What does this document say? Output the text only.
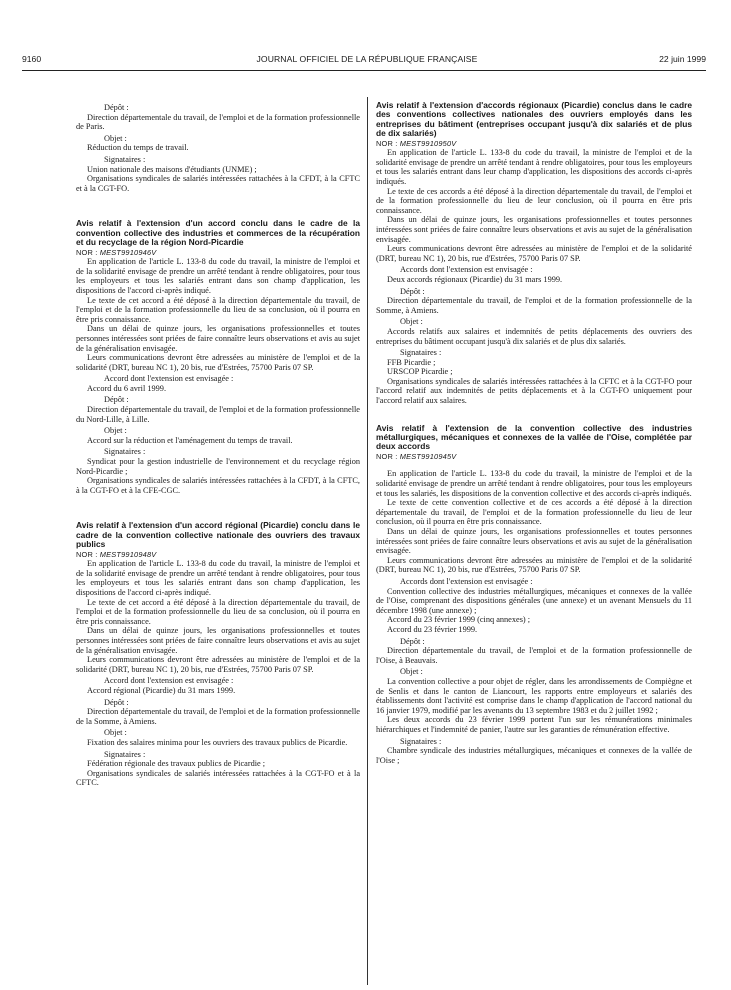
9160	JOURNAL OFFICIEL DE LA RÉPUBLIQUE FRANÇAISE	22 juin 1999

Dépôt :

Direction départementale du travail, de l'emploi et de la formation professionnelle de Paris.

Objet :

Réduction du temps de travail.

Signataires :

Union nationale des maisons d'étudiants (UNME) ;

Organisations syndicales de salariés intéressées rattachées à la CFDT, à la CFTC et à la CGT-FO.

Avis relatif à l'extension d'un accord conclu dans le cadre de la convention collective des industries et commerces de la récupération et du recyclage de la région Nord-Picardie

NOR : MEST9910946V

En application de l'article L. 133-8 du code du travail, la ministre de l'emploi et de la solidarité envisage de prendre un arrêté tendant à rendre obligatoires, pour tous les employeurs et tous les salariés entrant dans son champ d'application, les dispositions de l'accord ci-après indiqué.

Le texte de cet accord a été déposé à la direction départementale du travail, de l'emploi et de la formation professionnelle du lieu de sa conclusion, où il pourra en être pris connaissance.

Dans un délai de quinze jours, les organisations professionnelles et toutes personnes intéressées sont priées de faire connaître leurs observations et avis au sujet de la généralisation envisagée.

Leurs communications devront être adressées au ministère de l'emploi et de la solidarité (DRT, bureau NC 1), 20 bis, rue d'Estrées, 75700 Paris 07 SP.

Accord dont l'extension est envisagée :

Accord du 6 avril 1999.

Dépôt :

Direction départementale du travail, de l'emploi et de la formation professionnelle du Nord-Lille, à Lille.

Objet :

Accord sur la réduction et l'aménagement du temps de travail.

Signataires :

Syndicat pour la gestion industrielle de l'environnement et du recyclage région Nord-Picardie ;

Organisations syndicales de salariés intéressées rattachées à la CFDT, à la CFTC, à la CGT-FO et à la CFE-CGC.

Avis relatif à l'extension d'un accord régional (Picardie) conclu dans le cadre de la convention collective nationale des ouvriers des travaux publics

NOR : MEST9910948V

En application de l'article L. 133-8 du code du travail, la ministre de l'emploi et de la solidarité envisage de prendre un arrêté tendant à rendre obligatoires, pour tous les employeurs et tous les salariés entrant dans son champ d'application, les dispositions de l'accord ci-après indiqué.

Le texte de cet accord a été déposé à la direction départementale du travail, de l'emploi et de la formation professionnelle du lieu de sa conclusion, où il pourra en être pris connaissance.

Dans un délai de quinze jours, les organisations professionnelles et toutes personnes intéressées sont priées de faire connaître leurs observations et avis au sujet de la généralisation envisagée.

Leurs communications devront être adressées au ministère de l'emploi et de la solidarité (DRT, bureau NC 1), 20 bis, rue d'Estrées, 75700 Paris 07 SP.

Accord dont l'extension est envisagée :

Accord régional (Picardie) du 31 mars 1999.

Dépôt :

Direction départementale du travail, de l'emploi et de la formation professionnelle de la Somme, à Amiens.

Objet :

Fixation des salaires minima pour les ouvriers des travaux publics de Picardie.

Signataires :

Fédération régionale des travaux publics de Picardie ;

Organisations syndicales de salariés intéressées rattachées à la CGT-FO et à la CFTC.

Avis relatif à l'extension d'accords régionaux (Picardie) conclus dans le cadre des conventions collectives nationales des ouvriers employés dans les entreprises du bâtiment (entreprises occupant jusqu'à dix salariés et de plus de dix salariés)

NOR : MEST9910950V

En application de l'article L. 133-8 du code du travail, la ministre de l'emploi et de la solidarité envisage de prendre un arrêté tendant à rendre obligatoires, pour tous les employeurs et tous les salariés entrant dans leur champ d'application, les dispositions des accords ci-après indiqués.

Le texte de ces accords a été déposé à la direction départementale du travail, de l'emploi et de la formation professionnelle du lieu de leur conclusion, où il pourra en être pris connaissance.

Dans un délai de quinze jours, les organisations professionnelles et toutes personnes intéressées sont priées de faire connaître leurs observations et avis au sujet de la généralisation envisagée.

Leurs communications devront être adressées au ministère de l'emploi et de la solidarité (DRT, bureau NC 1), 20 bis, rue d'Estrées, 75700 Paris 07 SP.

Accords dont l'extension est envisagée :

Deux accords régionaux (Picardie) du 31 mars 1999.

Dépôt :

Direction départementale du travail, de l'emploi et de la formation professionnelle de la Somme, à Amiens.

Objet :

Accords relatifs aux salaires et indemnités de petits déplacements des ouvriers des entreprises du bâtiment occupant jusqu'à dix salariés et de plus dix salariés.

Signataires :

FFB Picardie ;

URSCOP Picardie ;

Organisations syndicales de salariés intéressées rattachées à la CFTC et à la CGT-FO pour l'accord relatif aux indemnités de petits déplacements et à la CGT-FO uniquement pour l'accord relatif aux salaires.

Avis relatif à l'extension de la convention collective des industries métallurgiques, mécaniques et connexes de la vallée de l'Oise, complétée par deux accords

NOR : MEST9910945V

En application de l'article L. 133-8 du code du travail, la ministre de l'emploi et de la solidarité envisage de prendre un arrêté tendant à rendre obligatoires, pour tous les employeurs et tous les salariés, les dispositions de la convention collective et des accords ci-après indiqués.

Le texte de cette convention collective et de ces accords a été déposé à la direction départementale du travail, de l'emploi et de la formation professionnelle du lieu de leur conclusion, où il pourra en être pris connaissance.

Dans un délai de quinze jours, les organisations professionnelles et toutes personnes intéressées sont priées de faire connaître leurs observations et avis au sujet de la généralisation envisagée.

Leurs communications devront être adressées au ministère de l'emploi et de la solidarité (DRT, bureau NC 1), 20 bis, rue d'Estrées, 75700 Paris 07 SP.

Accords dont l'extension est envisagée :

Convention collective des industries métallurgiques, mécaniques et connexes de la vallée de l'Oise, comprenant des dispositions générales (une annexe) et un avenant Mensuels du 11 décembre 1998 (une annexe) ;

Accord du 23 février 1999 (cinq annexes) ;

Accord du 23 février 1999.

Dépôt :

Direction départementale du travail, de l'emploi et de la formation professionnelle de l'Oise, à Beauvais.

Objet :

La convention collective a pour objet de régler, dans les arrondissements de Compiègne et de Senlis et dans le canton de Liancourt, les rapports entre employeurs et salariés des établissements dont l'activité est comprise dans le champ d'application de l'accord national du 16 janvier 1979, modifié par les avenants du 13 septembre 1983 et du 2 juillet 1992 ;

Les deux accords du 23 février 1999 portent l'un sur les rémunérations minimales hiérarchiques et l'indemnité de panier, l'autre sur les garanties de rémunération effective.

Signataires :

Chambre syndicale des industries métallurgiques, mécaniques et connexes de la vallée de l'Oise ;
